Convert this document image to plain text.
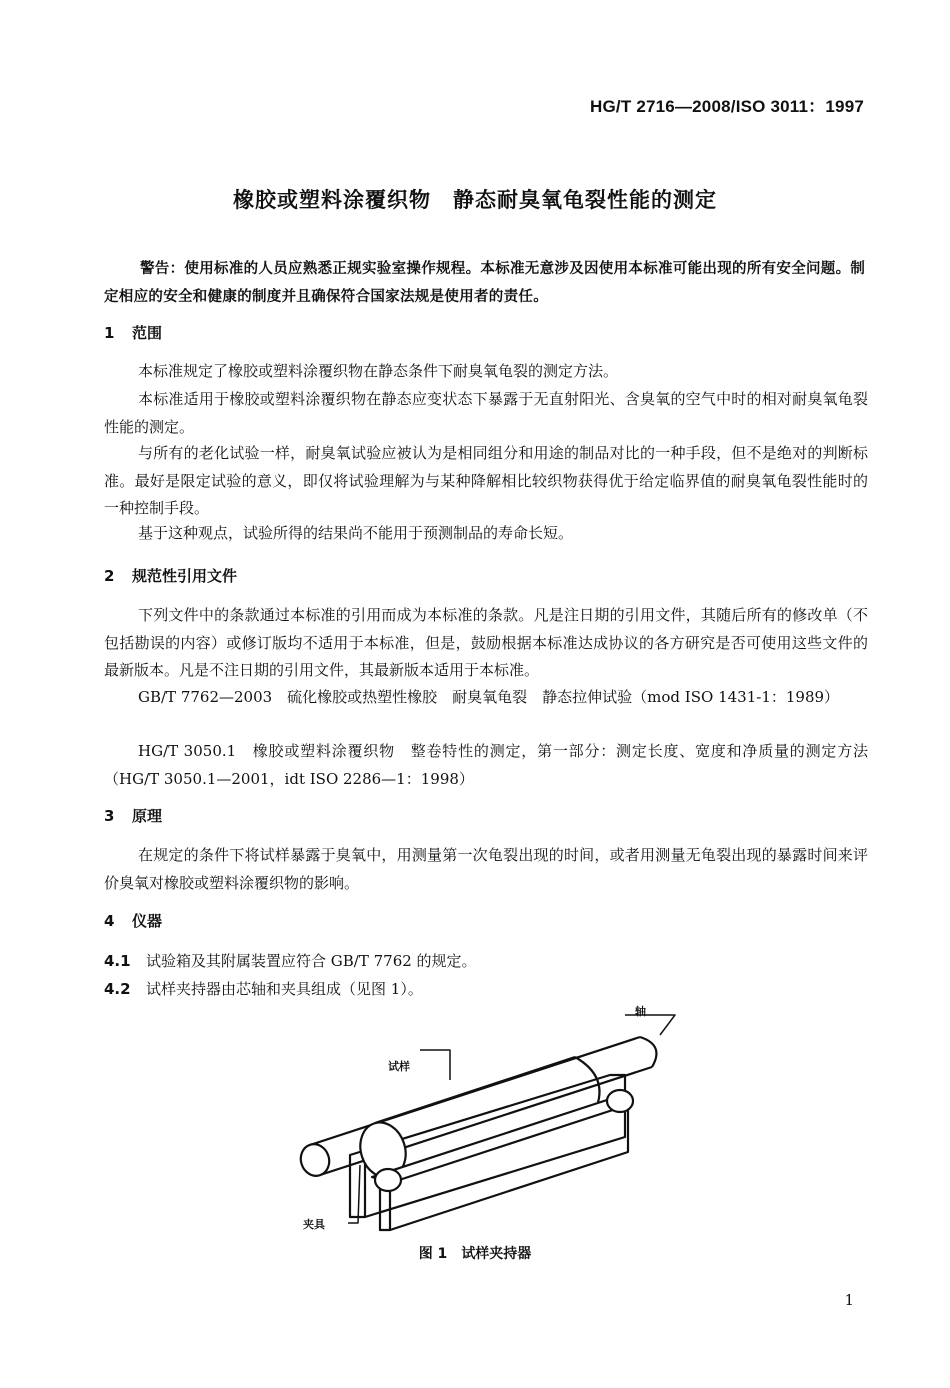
HG/T 2716—2008/ISO 3011：1997
橡胶或塑料涂覆织物　静态耐臭氧龟裂性能的测定
警告：使用标准的人员应熟悉正规实验室操作规程。本标准无意涉及因使用本标准可能出现的所有安全问题。制定相应的安全和健康的制度并且确保符合国家法规是使用者的责任。
1 范围
本标准规定了橡胶或塑料涂覆织物在静态条件下耐臭氧龟裂的测定方法。
本标准适用于橡胶或塑料涂覆织物在静态应变状态下暴露于无直射阳光、含臭氧的空气中时的相对耐臭氧龟裂性能的测定。
与所有的老化试验一样，耐臭氧试验应被认为是相同组分和用途的制品对比的一种手段，但不是绝对的判断标准。最好是限定试验的意义，即仅将试验理解为与某种降解相比较织物获得优于给定临界值的耐臭氧龟裂性能时的一种控制手段。
基于这种观点，试验所得的结果尚不能用于预测制品的寿命长短。
2 规范性引用文件
下列文件中的条款通过本标准的引用而成为本标准的条款。凡是注日期的引用文件，其随后所有的修改单（不包括勘误的内容）或修订版均不适用于本标准，但是，鼓励根据本标准达成协议的各方研究是否可使用这些文件的最新版本。凡是不注日期的引用文件，其最新版本适用于本标准。
GB/T 7762—2003　硫化橡胶或热塑性橡胶　耐臭氧龟裂　静态拉伸试验（mod ISO 1431-1：1989）
HG/T 3050.1　橡胶或塑料涂覆织物　整卷特性的测定，第一部分：测定长度、宽度和净质量的测定方法（HG/T 3050.1—2001，idt ISO 2286—1：1998）
3 原理
在规定的条件下将试样暴露于臭氧中，用测量第一次龟裂出现的时间，或者用测量无龟裂出现的暴露时间来评价臭氧对橡胶或塑料涂覆织物的影响。
4 仪器
4.1 试验箱及其附属装置应符合 GB/T 7762 的规定。
4.2 试样夹持器由芯轴和夹具组成（见图 1）。
轴
试样
夹具
图 1　 试样夹持器
1
